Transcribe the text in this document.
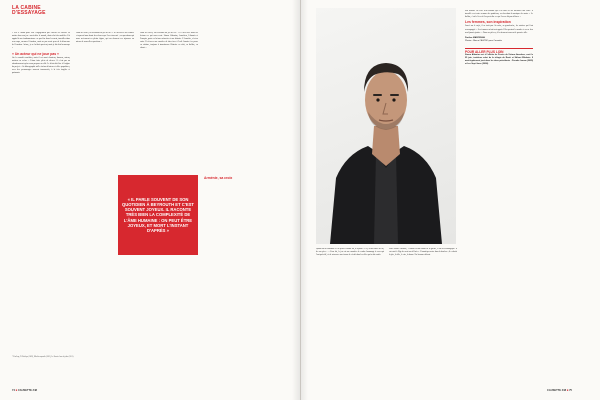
LA CABINE
D'ESSAYAGE

« Elle a l'habit pour voir l'engagement que l'acteur ou l'actrice va mettre dans son jeu : savoir dire le monde, dont celui des modèles. J'ai appris là aux fondamentaux : ne pas être dans les mots, travailler dans son corps, mesurer l'émotion, mais ne pas avoir peur de la démesure de l'émotion. Ariane, je ne lui dois pas tout, mais je lui dois beaucoup. »

« Un acteur qui ne joue pas »

On le connaît comédien, mais il est aussi chanteur, danseur, auteur, metteur en scène. « J'aime faire plein de choses. Ce n'est pas un aboutissement qu'on nous propose un rôle. Le désir doit être à l'origine du projet. » Sa filmographie mêle cinéma d'auteur et rôles populaires, avec des personnages souvent tourmentés, à la fois fragiles et puissants.

Dans ses livres, on reconnaît un jeu de lui : « Il a des avec ses lectures et reprend sans doute des choses que l'on a traversé ; ces questions qui nous reviennent en pleine figure, qui me donnent ces réponses ou mieux de nouvelles questions. »

Dans ses livres, on reconnaît un jeu de lui : « Il a des avec dans ses lectures ce qui nous reste. Simon Abkarian, Arménien, Libanais et Français, porte en lui une mémoire et une histoire. L'Arménie, c'est sa croix. Il vit avec une manière de faire face à l'exil. Jamais à se poser en victime, toujours à transformer l'histoire en récit, en théâtre, en chant. »

« IL PARLE SOUVENT DE SON QUOTIDIEN À BEYROUTH ET C'EST SOUVENT JOYEUX. IL RACONTE TRÈS BIEN LA COMPLEXITÉ DE L'ÂME HUMAINE : ON PEUT ÊTRE JOYEUX, ET MORT L'INSTANT D'APRÈS »
Arménie, sa croix
* Pénélope, Ô Pénélope (2009), Ménélas rapsodie (2012), Le Dernier Jour du jeûne (2015).
74 ■ CAUSETTE #48

Quand on lui demande s'il se pense comme lui, il répond : « Il y a des traces de lui, de son père… » Pour lui, le jeu est une manière de rendre hommage à ceux qui l'ont précédé, et de retrouver une forme de vérité dans les rôles qu'on lui confie.

Pour Ariane Ascaride, « Simon est un enfant de la guerre, il est très nostalgique. Il est entré à l'âge de neuf ans à Paris ». Il aurait pu rester dans la douleur ; il a choisi la joie, la fête, le rire, la danse. Un homme debout.

Son histoire est celle d'un homme qui a su faire de ses blessures une force. Il travaille ses textes comme des partitions, en cherchant la musique des mots. « Le théâtre, c'est le lieu où l'on peut dire ce que l'on ne dit pas ailleurs. »

Les femmes, son inspiration

Lancé sur le sujet, il ne tarit pas. Sa mère, sa grand-mère, les actrices qui l'ont accompagné. « Les femmes m'ont tout appris. Elles portent le monde et on ne leur rend jamais justice. » Dans ses pièces, elles tiennent souvent le premier rôle.

Pauline MARCEUAU
Photos : Marco CASTRO pour Causette
POUR ALLER PLUS LOIN
Simon Abkarian est à l'affiche du Procès de Viviane Amsalem, sorti le 25 juin, troisième volet de la trilogie de Ronit et Shlomi Elkabetz. Il avait également joué dans les deux précédents : Prendre femme (2005) et Les Sept Jours (2008).
CAUSETTE #48 ■ 75
